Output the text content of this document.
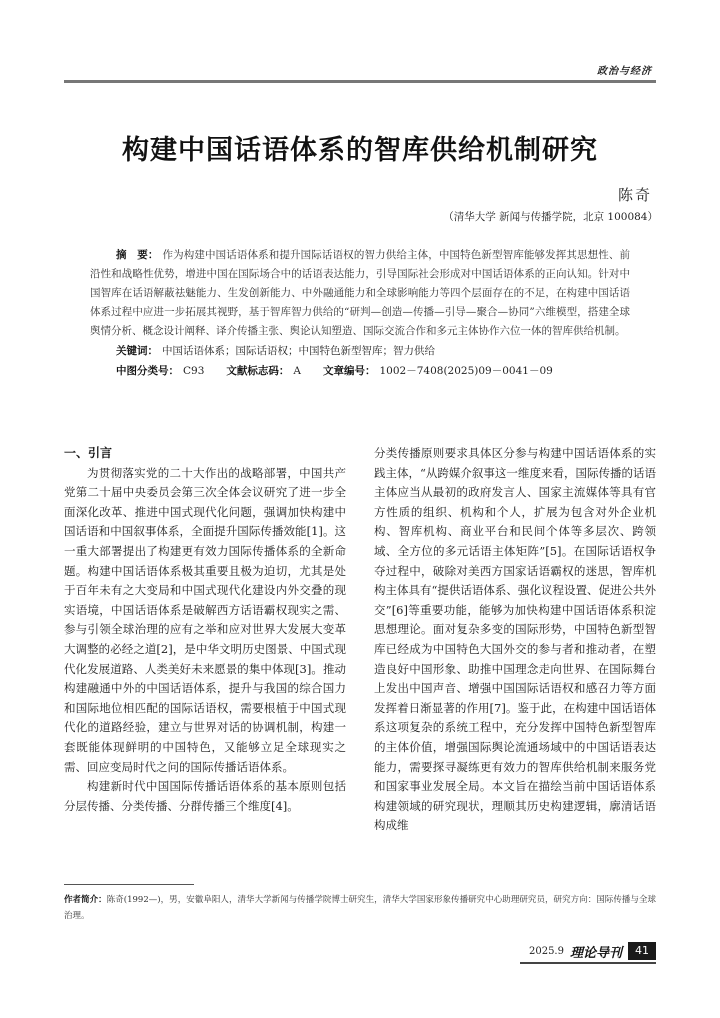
政治与经济
构建中国话语体系的智库供给机制研究
陈奇
（清华大学 新闻与传播学院，北京 100084）
摘　要： 作为构建中国话语体系和提升国际话语权的智力供给主体，中国特色新型智库能够发挥其思想性、前沿性和战略性优势，增进中国在国际场合中的话语表达能力，引导国际社会形成对中国话语体系的正向认知。针对中国智库在话语解蔽祛魅能力、生发创新能力、中外融通能力和全球影响能力等四个层面存在的不足，在构建中国话语体系过程中应进一步拓展其视野，基于智库智力供给的“研判—创造—传播—引导—聚合—协同”六维模型，搭建全球舆情分析、概念设计阐释、译介传播主张、舆论认知塑造、国际交流合作和多元主体协作六位一体的智库供给机制。
关键词： 中国话语体系；国际话语权；中国特色新型智库；智力供给
中图分类号： C93 文献标志码： A 文章编号： 1002－7408(2025)09－0041－09
一、引言

为贯彻落实党的二十大作出的战略部署，中国共产党第二十届中央委员会第三次全体会议研究了进一步全面深化改革、推进中国式现代化问题，强调加快构建中国话语和中国叙事体系，全面提升国际传播效能[1]。这一重大部署提出了构建更有效力国际传播体系的全新命题。构建中国话语体系极其重要且极为迫切，尤其是处于百年未有之大变局和中国式现代化建设内外交叠的现实语境，中国话语体系是破解西方话语霸权现实之需、参与引领全球治理的应有之举和应对世界大发展大变革大调整的必经之道[2]，是中华文明历史图景、中国式现代化发展道路、人类美好未来愿景的集中体现[3]。推动构建融通中外的中国话语体系，提升与我国的综合国力和国际地位相匹配的国际话语权，需要根植于中国式现代化的道路经验，建立与世界对话的协调机制，构建一套既能体现鲜明的中国特色，又能够立足全球现实之需、回应变局时代之问的国际传播话语体系。

构建新时代中国国际传播话语体系的基本原则包括分层传播、分类传播、分群传播三个维度[4]。

分类传播原则要求具体区分参与构建中国话语体系的实践主体，“从跨媒介叙事这一维度来看，国际传播的话语主体应当从最初的政府发言人、国家主流媒体等具有官方性质的组织、机构和个人，扩展为包含对外企业机构、智库机构、商业平台和民间个体等多层次、跨领域、全方位的多元话语主体矩阵”[5]。在国际话语权争夺过程中，破除对美西方国家话语霸权的迷思，智库机构主体具有“提供话语体系、强化议程设置、促进公共外交”[6]等重要功能，能够为加快构建中国话语体系积淀思想理论。面对复杂多变的国际形势，中国特色新型智库已经成为中国特色大国外交的参与者和推动者，在塑造良好中国形象、助推中国理念走向世界、在国际舞台上发出中国声音、增强中国国际话语权和感召力等方面发挥着日渐显著的作用[7]。鉴于此，在构建中国话语体系这项复杂的系统工程中，充分发挥中国特色新型智库的主体价值，增强国际舆论流通场域中的中国话语表达能力，需要探寻凝练更有效力的智库供给机制来服务党和国家事业发展全局。本文旨在描绘当前中国话语体系构建领域的研究现状，理顺其历史构建逻辑，廓清话语构成维

作者简介：陈奇(1992—)，男，安徽阜阳人，清华大学新闻与传播学院博士研究生，清华大学国家形象传播研究中心助理研究员，研究方向：国际传播与全球治理。
2025.9 理论导刊	41
